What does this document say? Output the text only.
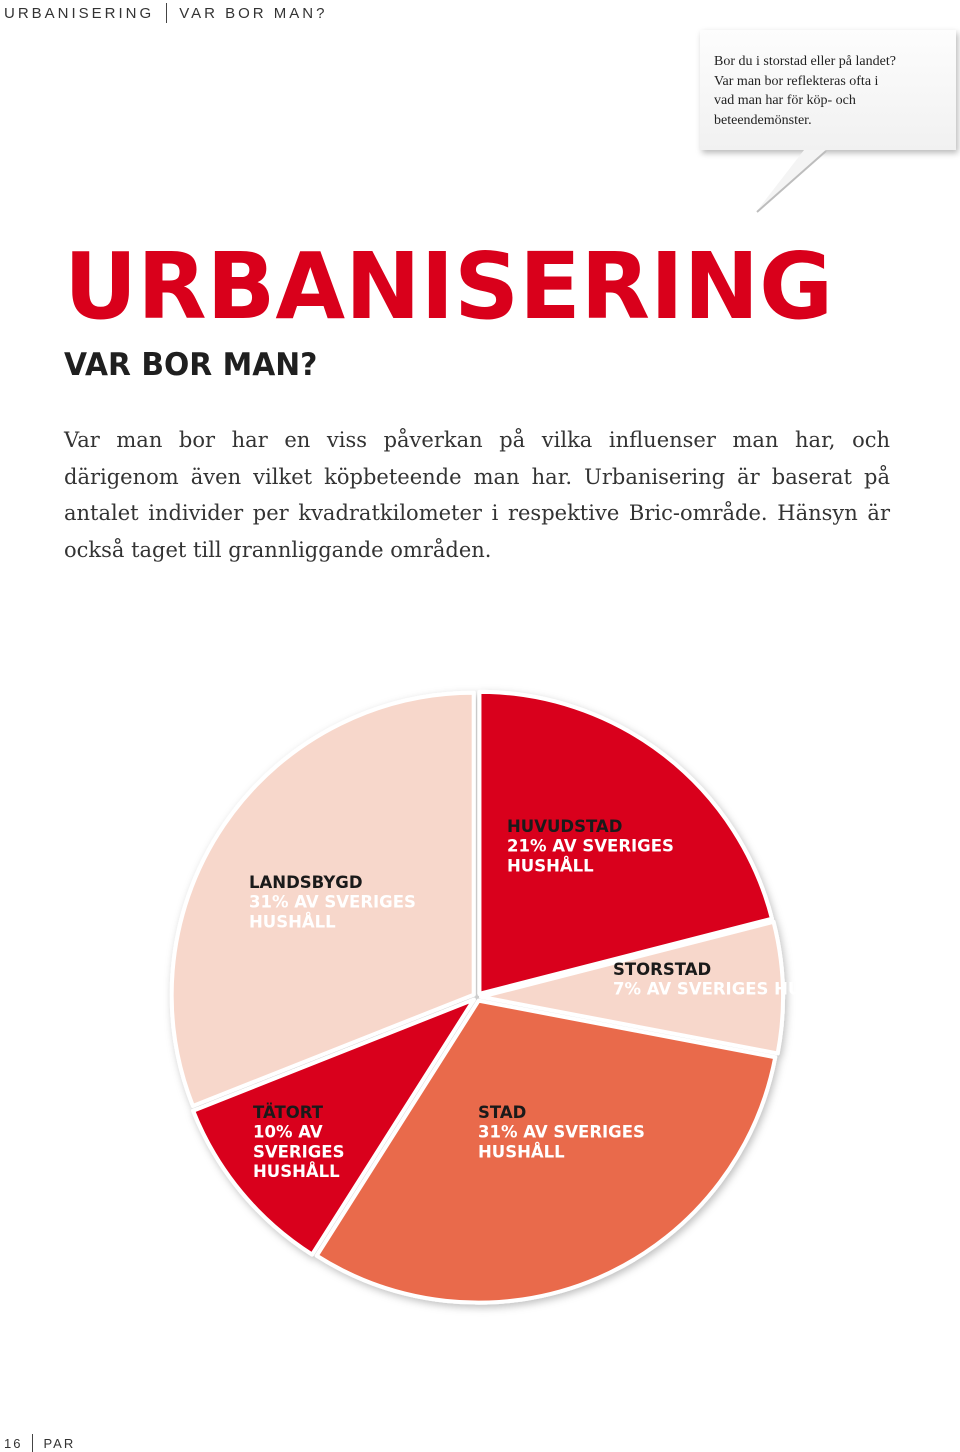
URBANISERING VAR BOR MAN?
Bor du i storstad eller på landet?
Var man bor reflekteras ofta i
vad man har för köp- och
beteendemönster.
URBANISERING
VAR BOR MAN?

Var man bor har en viss påverkan på vilka influenser man har, och därigenom även vilket köpbeteende man har. Urbanisering är baserat på antalet individer per kvadratkilometer i respektive Bric-område. Hänsyn är också taget till grannliggande områden.

HUVUDSTAD
21% AV SVERIGES HUSHÅLL
STORSTAD
7% AV SVERIGES HUSHÅLL
STAD
31% AV SVERIGES HUSHÅLL
TÄTORT
10% AV SVERIGES HUSHÅLL
LANDSBYGD
31% AV SVERIGES HUSHÅLL
16 PAR
